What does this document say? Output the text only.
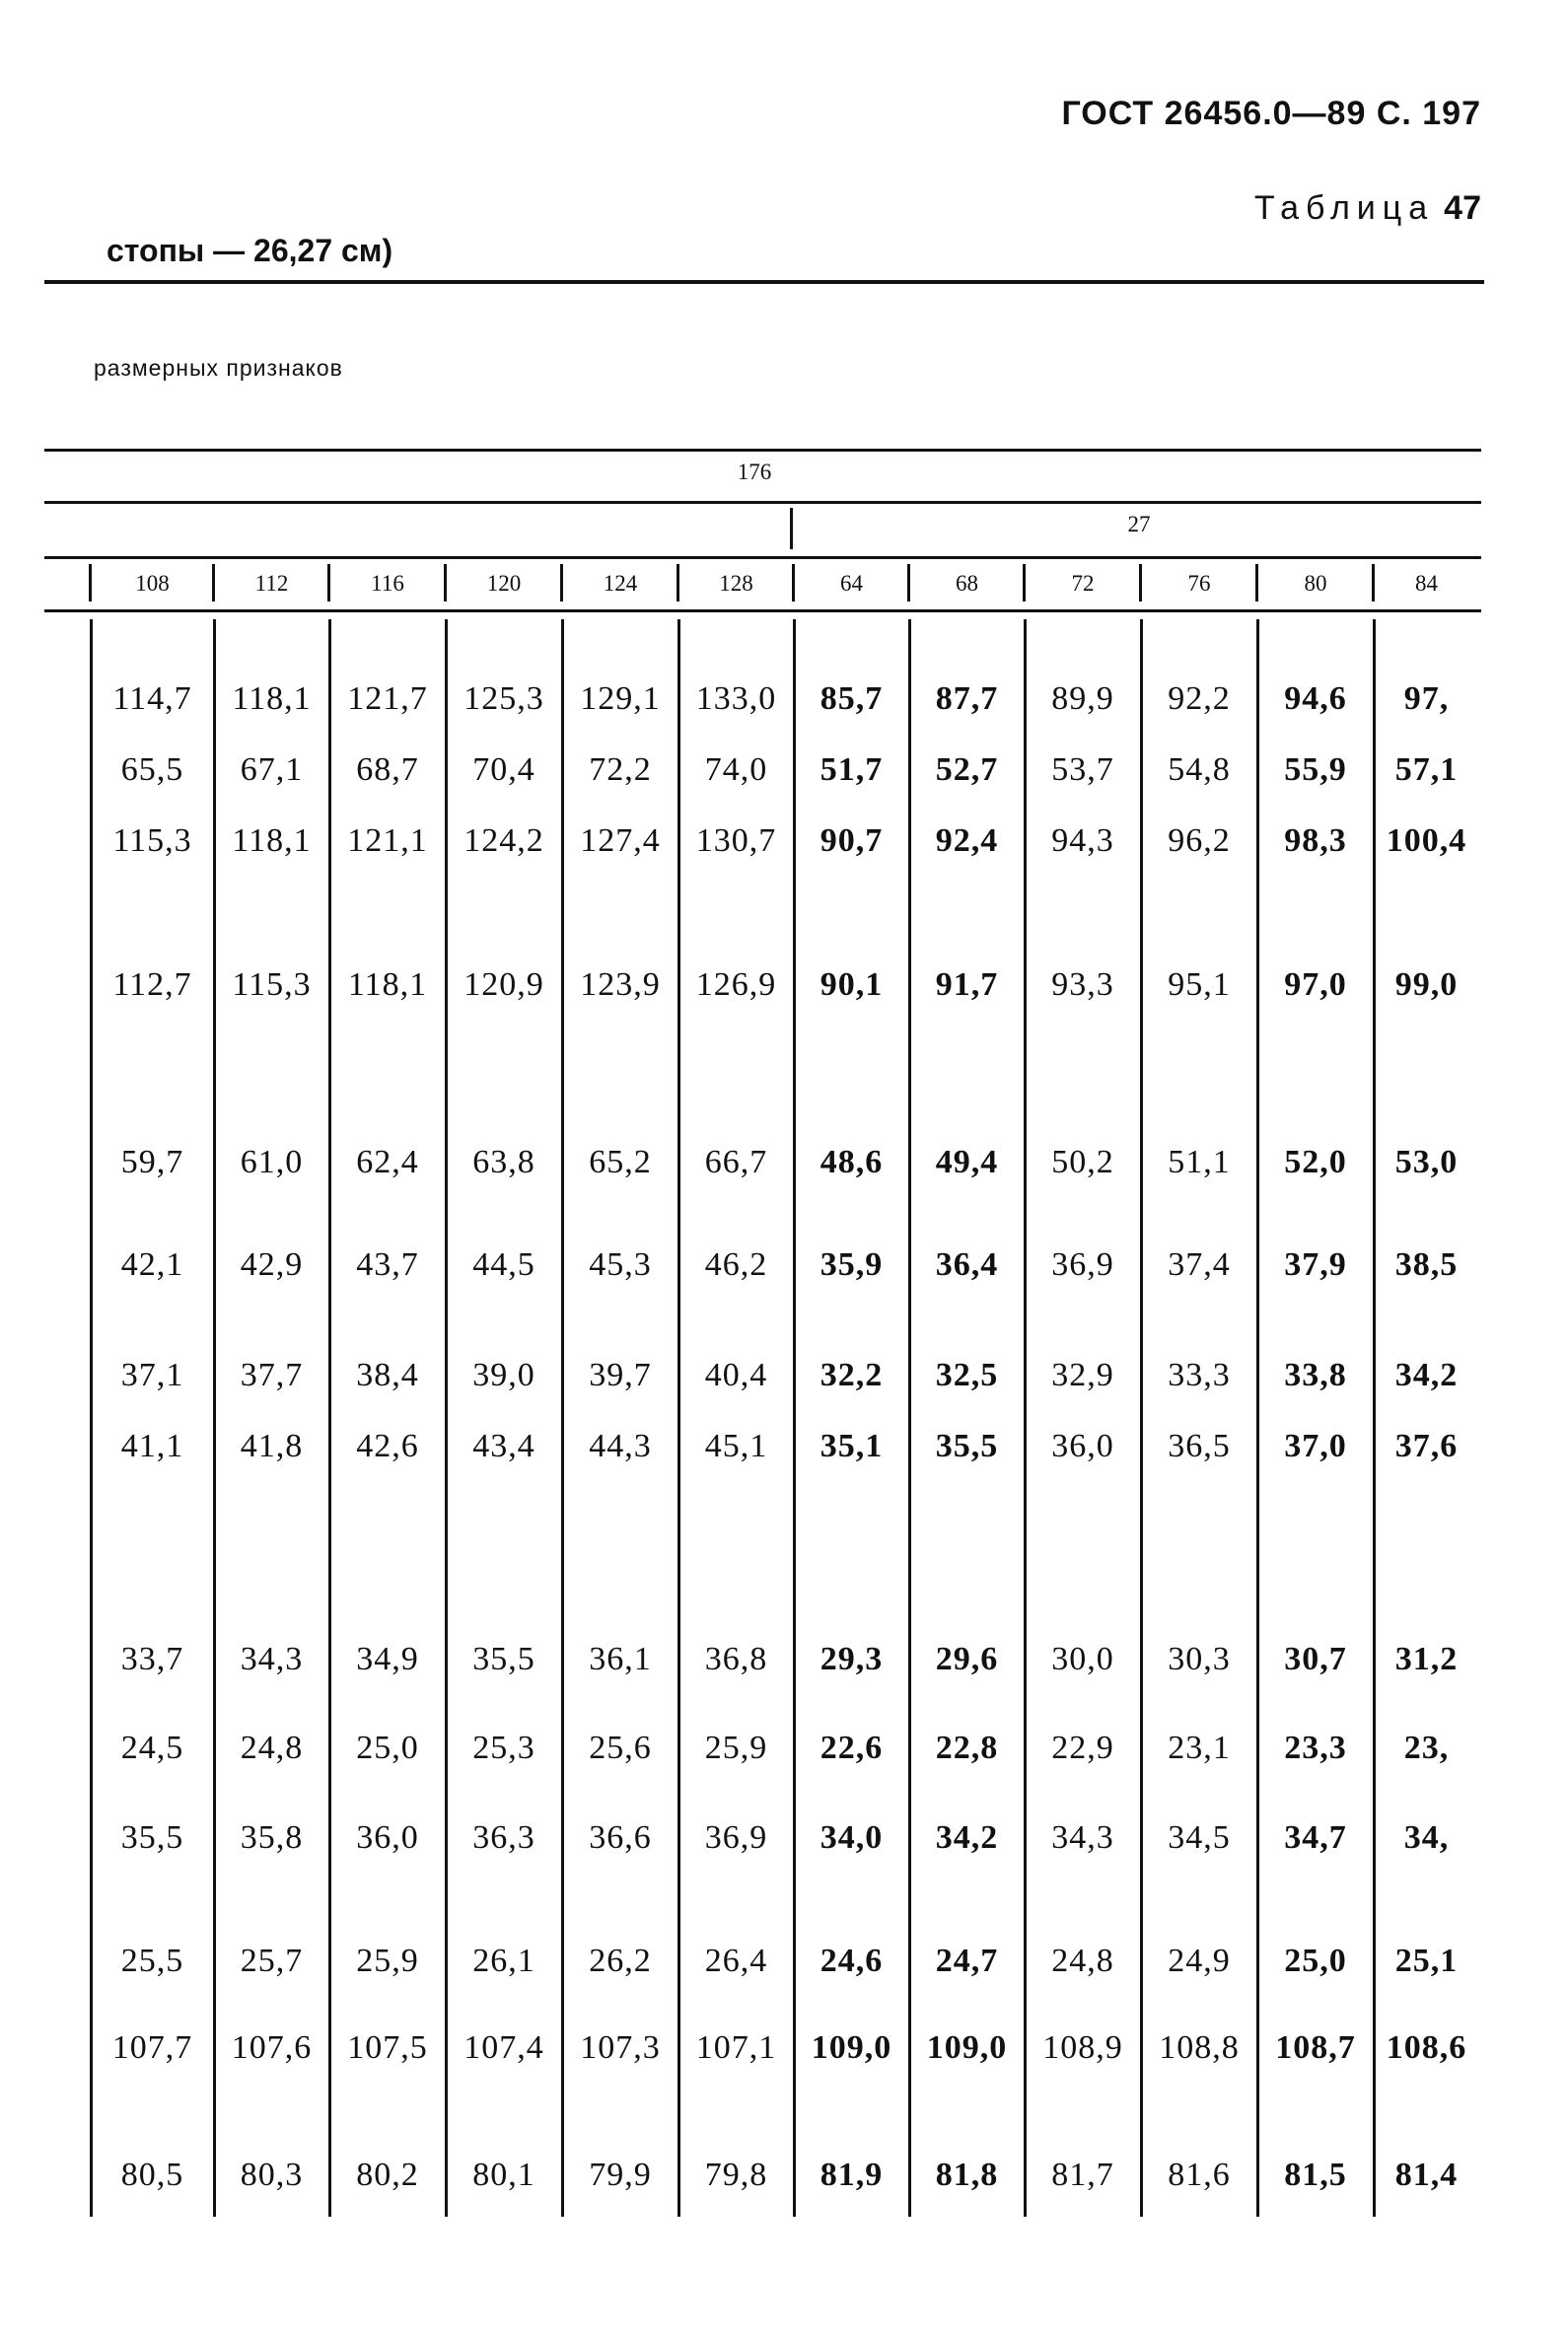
ГОСТ 26456.0—89 С. 197
Таблица 47
стопы — 26,27 см)
размерных признаков
176
27
108	112	116	120	124	128	64	68	72	76	80	84
114,7	118,1	121,7	125,3	129,1	133,0	85,7	87,7	89,9	92,2	94,6	97,
65,5	67,1	68,7	70,4	72,2	74,0	51,7	52,7	53,7	54,8	55,9	57,1
115,3	118,1	121,1	124,2	127,4	130,7	90,7	92,4	94,3	96,2	98,3	100,4
112,7	115,3	118,1	120,9	123,9	126,9	90,1	91,7	93,3	95,1	97,0	99,0
59,7	61,0	62,4	63,8	65,2	66,7	48,6	49,4	50,2	51,1	52,0	53,0
42,1	42,9	43,7	44,5	45,3	46,2	35,9	36,4	36,9	37,4	37,9	38,5
37,1	37,7	38,4	39,0	39,7	40,4	32,2	32,5	32,9	33,3	33,8	34,2
41,1	41,8	42,6	43,4	44,3	45,1	35,1	35,5	36,0	36,5	37,0	37,6
33,7	34,3	34,9	35,5	36,1	36,8	29,3	29,6	30,0	30,3	30,7	31,2
24,5	24,8	25,0	25,3	25,6	25,9	22,6	22,8	22,9	23,1	23,3	23,
35,5	35,8	36,0	36,3	36,6	36,9	34,0	34,2	34,3	34,5	34,7	34,
25,5	25,7	25,9	26,1	26,2	26,4	24,6	24,7	24,8	24,9	25,0	25,1
107,7	107,6	107,5	107,4	107,3	107,1	109,0	109,0	108,9	108,8	108,7 108,6
80,5	80,3	80,2	80,1	79,9	79,8	81,9	81,8	81,7	81,6	81,5	81,4
